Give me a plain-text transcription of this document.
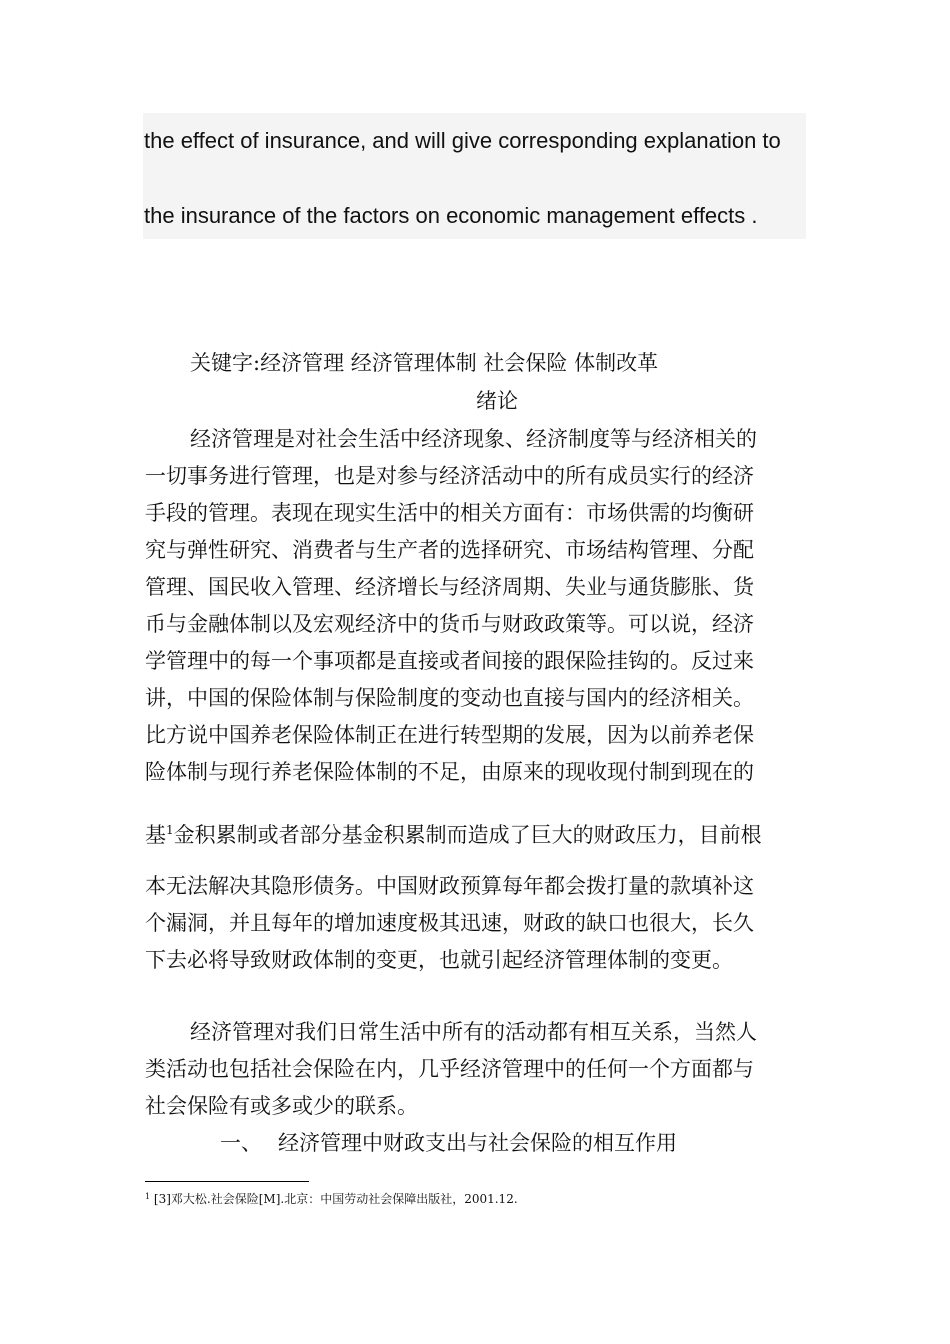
the effect of insurance, and will give corresponding explanation to
the insurance of the factors on economic management effects .
关键字:经济管理 经济管理体制 社会保险 体制改革
绪论
经济管理是对社会生活中经济现象、经济制度等与经济相关的
一切事务进行管理，也是对参与经济活动中的所有成员实行的经济
手段的管理。表现在现实生活中的相关方面有：市场供需的均衡研
究与弹性研究、消费者与生产者的选择研究、市场结构管理、分配
管理、国民收入管理、经济增长与经济周期、失业与通货膨胀、货
币与金融体制以及宏观经济中的货币与财政政策等。可以说，经济
学管理中的每一个事项都是直接或者间接的跟保险挂钩的。反过来
讲，中国的保险体制与保险制度的变动也直接与国内的经济相关。
比方说中国养老保险体制正在进行转型期的发展，因为以前养老保
险体制与现行养老保险体制的不足，由原来的现收现付制到现在的
基$^1$金积累制或者部分基金积累制而造成了巨大的财政压力，目前根
本无法解决其隐形债务。中国财政预算每年都会拨打量的款填补这
个漏洞，并且每年的增加速度极其迅速，财政的缺口也很大，长久
下去必将导致财政体制的变更，也就引起经济管理体制的变更。
经济管理对我们日常生活中所有的活动都有相互关系，当然人
类活动也包括社会保险在内，几乎经济管理中的任何一个方面都与
社会保险有或多或少的联系。
一、 经济管理中财政支出与社会保险的相互作用
$^1$ [3]邓大松.社会保险[M].北京：中国劳动社会保障出版社，2001.12.
